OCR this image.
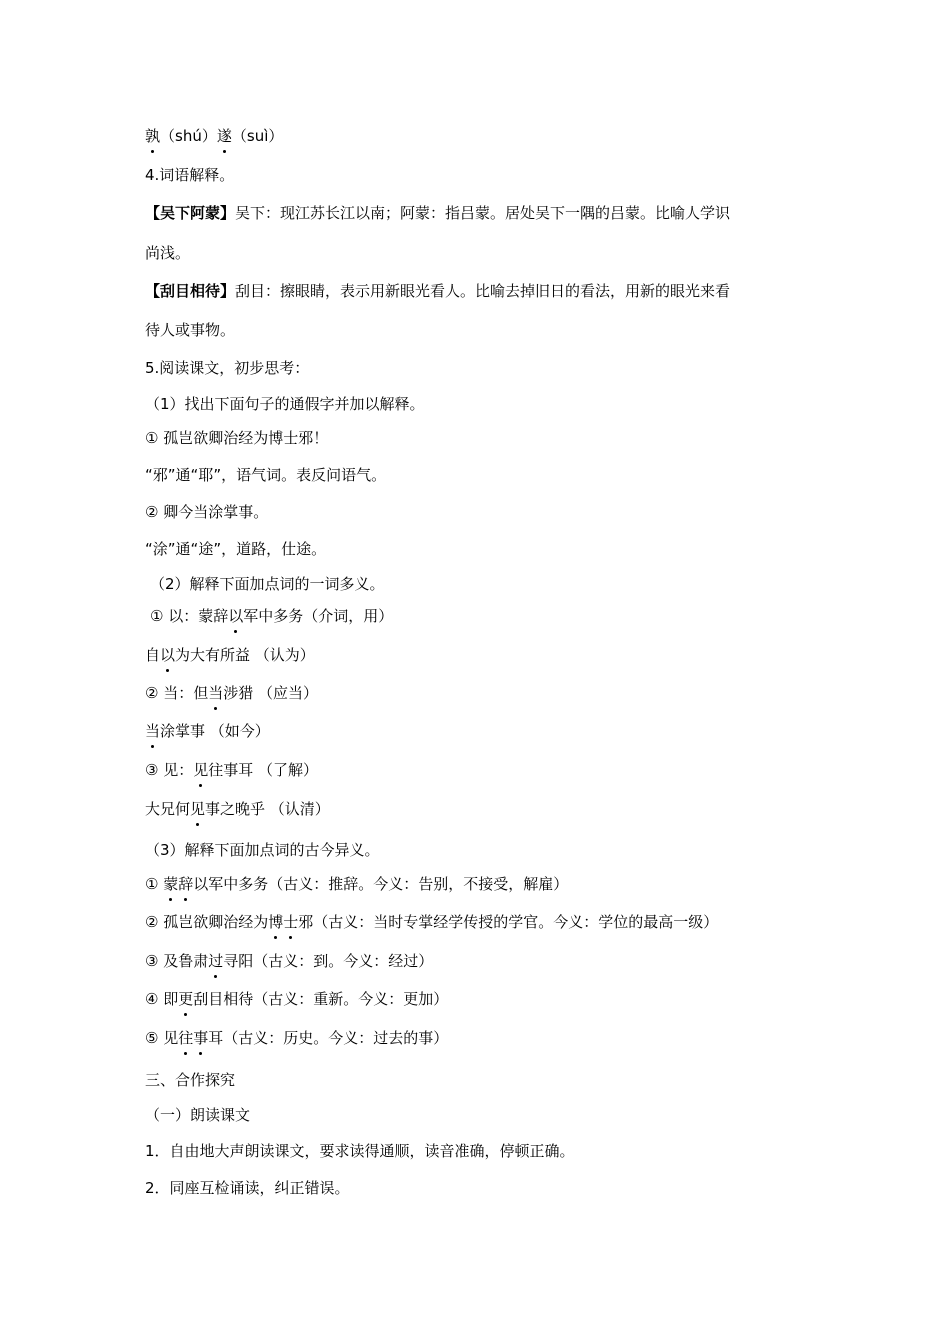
孰（shú）遂（suì）

4.词语解释。

【吴下阿蒙】吴下：现江苏长江以南；阿蒙：指吕蒙。居处吴下一隅的吕蒙。比喻人学识

尚浅。

【刮目相待】刮目：擦眼睛，表示用新眼光看人。比喻去掉旧日的看法，用新的眼光来看

待人或事物。

5.阅读课文，初步思考：

（1）找出下面句子的通假字并加以解释。

① 孤岂欲卿治经为博士邪！

“邪”通“耶”，语气词。表反问语气。

② 卿今当涂掌事。

“涂”通“途”，道路，仕途。

（2）解释下面加点词的一词多义。

① 以：蒙辞以军中多务（介词，用）

自以为大有所益 （认为）

② 当：但当涉猎 （应当）

当涂掌事 （如今）

③ 见：见往事耳 （了解）

大兄何见事之晚乎 （认清）

（3）解释下面加点词的古今异义。

① 蒙辞以军中多务（古义：推辞。今义：告别，不接受，解雇）

② 孤岂欲卿治经为博士邪（古义：当时专掌经学传授的学官。今义：学位的最高一级）

③ 及鲁肃过寻阳（古义：到。今义：经过）

④ 即更刮目相待（古义：重新。今义：更加）

⑤ 见往事耳（古义：历史。今义：过去的事）

三、合作探究

（一）朗读课文

1．自由地大声朗读课文，要求读得通顺，读音准确，停顿正确。

2．同座互检诵读，纠正错误。
